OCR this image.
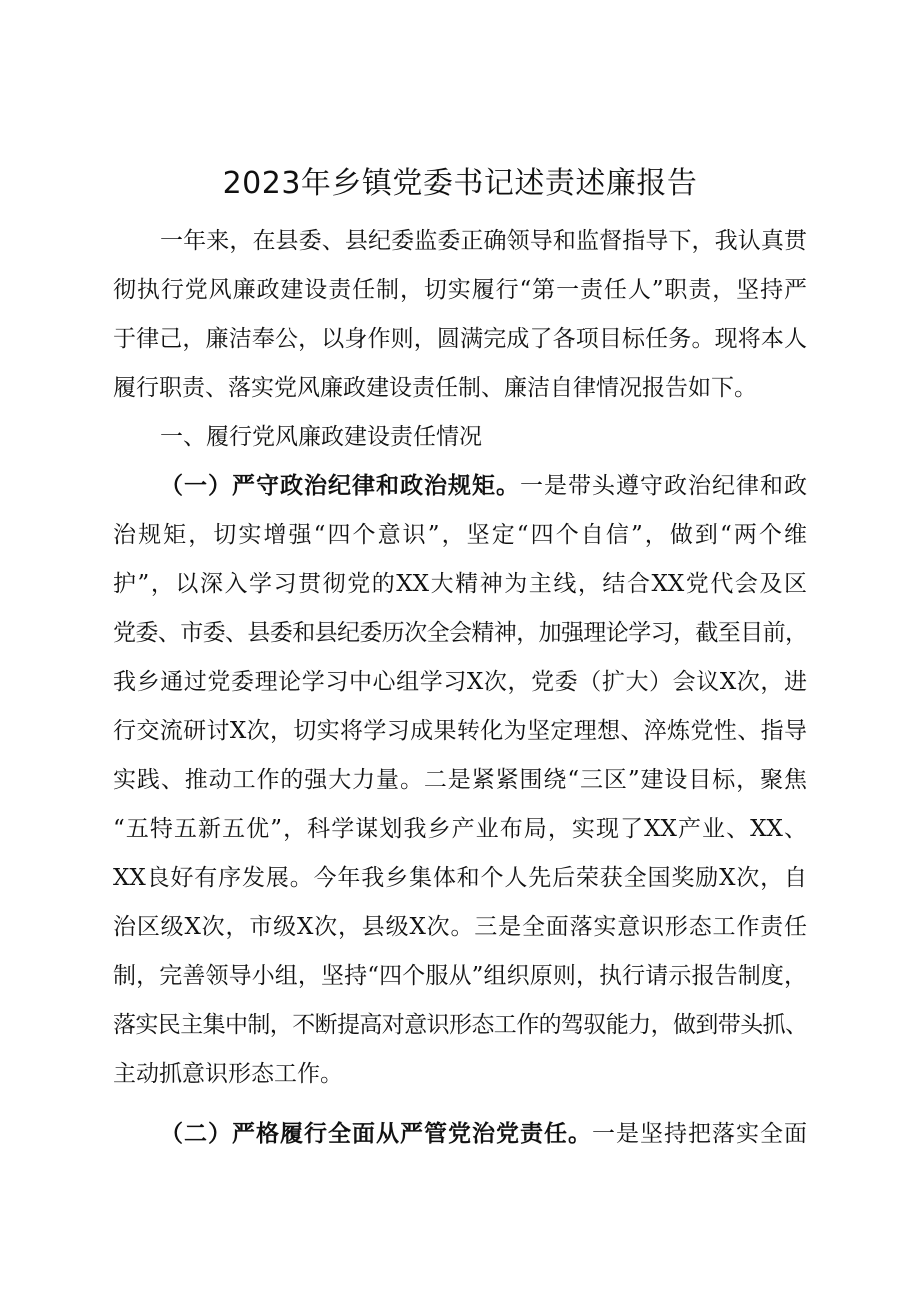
2023年乡镇党委书记述责述廉报告
一年来，在县委、县纪委监委正确领导和监督指导下，我认真贯
彻执行党风廉政建设责任制，切实履行“第一责任人”职责，坚持严
于律己，廉洁奉公，以身作则，圆满完成了各项目标任务。现将本人
履行职责、落实党风廉政建设责任制、廉洁自律情况报告如下。
一、履行党风廉政建设责任情况
（一）严守政治纪律和政治规矩。一是带头遵守政治纪律和政
治规矩，切实增强“四个意识”，坚定“四个自信”，做到“两个维
护”，以深入学习贯彻党的XX大精神为主线，结合XX党代会及区
党委、市委、县委和县纪委历次全会精神，加强理论学习，截至目前，
我乡通过党委理论学习中心组学习X次，党委（扩大）会议X次，进
行交流研讨X次，切实将学习成果转化为坚定理想、淬炼党性、指导
实践、推动工作的强大力量。二是紧紧围绕“三区”建设目标，聚焦
“五特五新五优”，科学谋划我乡产业布局，实现了XX产业、XX、
XX良好有序发展。今年我乡集体和个人先后荣获全国奖励X次，自
治区级X次，市级X次，县级X次。三是全面落实意识形态工作责任
制，完善领导小组，坚持“四个服从”组织原则，执行请示报告制度，
落实民主集中制，不断提高对意识形态工作的驾驭能力，做到带头抓、
主动抓意识形态工作。
（二）严格履行全面从严管党治党责任。一是坚持把落实全面
